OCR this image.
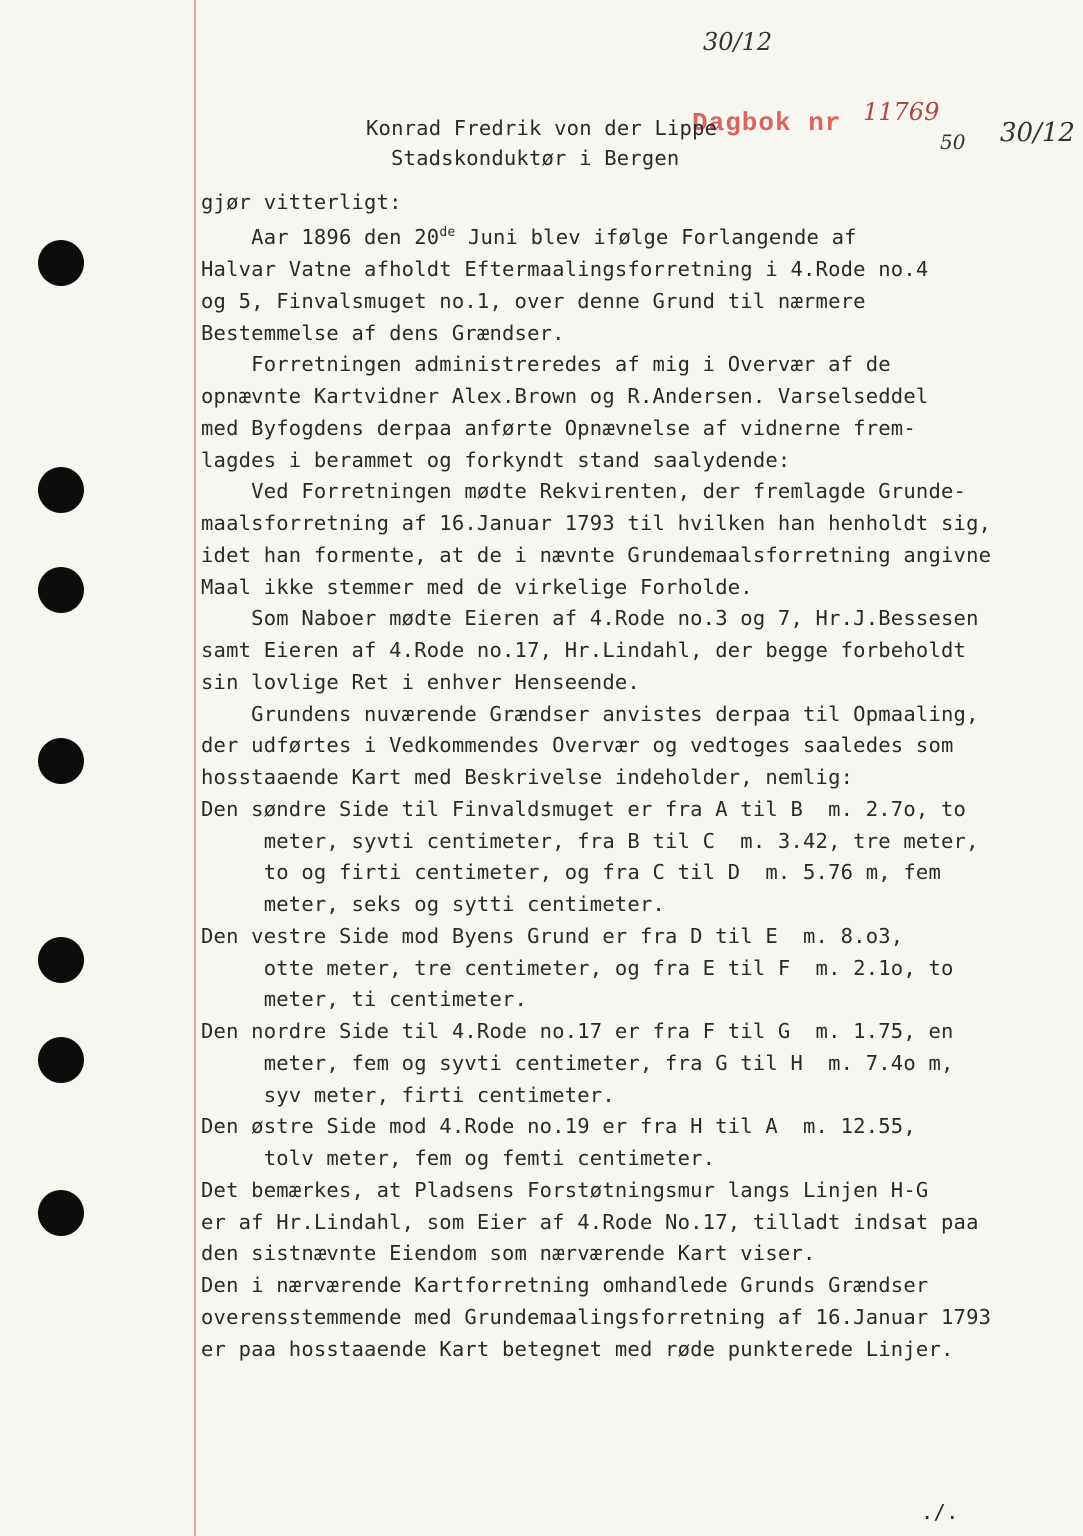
30/12
Dagbok nr 11769
50 30/12
Konrad Fredrik von der Lippe
Stadskonduktør i Bergen
gjør vitterligt:
Aar 1896 den 20de Juni blev ifølge Forlangende af
Halvar Vatne afholdt Eftermaalingsforretning i 4.Rode no.4
og 5, Finvalsmuget no.1, over denne Grund til nærmere
Bestemmelse af dens Grændser.
Forretningen administreredes af mig i Overvær af de
opnævnte Kartvidner Alex.Brown og R.Andersen. Varselseddel
med Byfogdens derpaa anførte Opnævnelse af vidnerne frem-
lagdes i berammet og forkyndt stand saalydende:
Ved Forretningen mødte Rekvirenten, der fremlagde Grunde-
maalsforretning af 16.Januar 1793 til hvilken han henholdt sig,
idet han formente, at de i nævnte Grundemaalsforretning angivne
Maal ikke stemmer med de virkelige Forholde.
Som Naboer mødte Eieren af 4.Rode no.3 og 7, Hr.J.Bessesen
samt Eieren af 4.Rode no.17, Hr.Lindahl, der begge forbeholdt
sin lovlige Ret i enhver Henseende.
Grundens nuværende Grændser anvistes derpaa til Opmaaling,
der udførtes i Vedkommendes Overvær og vedtoges saaledes som
hosstaaende Kart med Beskrivelse indeholder, nemlig:
Den søndre Side til Finvaldsmuget er fra A til B  m. 2.7o, to
meter, syvti centimeter, fra B til C  m. 3.42, tre meter,
to og firti centimeter, og fra C til D  m. 5.76 m, fem
meter, seks og sytti centimeter.
Den vestre Side mod Byens Grund er fra D til E  m. 8.o3,
otte meter, tre centimeter, og fra E til F  m. 2.1o, to
meter, ti centimeter.
Den nordre Side til 4.Rode no.17 er fra F til G  m. 1.75, en
meter, fem og syvti centimeter, fra G til H  m. 7.4o m,
syv meter, firti centimeter.
Den østre Side mod 4.Rode no.19 er fra H til A  m. 12.55,
tolv meter, fem og femti centimeter.
Det bemærkes, at Pladsens Forstøtningsmur langs Linjen H-G
er af Hr.Lindahl, som Eier af 4.Rode No.17, tilladt indsat paa
den sistnævnte Eiendom som nærværende Kart viser.
Den i nærværende Kartforretning omhandlede Grunds Grændser
overensstemmende med Grundemaalingsforretning af 16.Januar 1793
er paa hosstaaende Kart betegnet med røde punkterede Linjer.
./.
